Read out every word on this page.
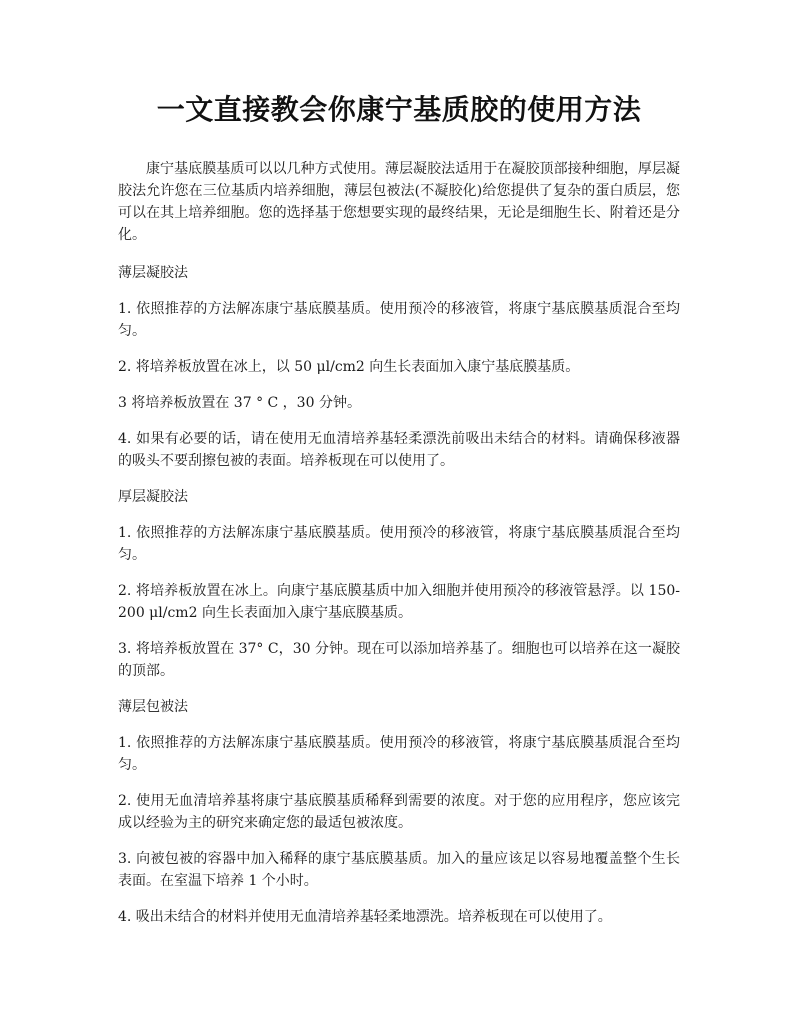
一文直接教会你康宁基质胶的使用方法

康宁基底膜基质可以以几种方式使用。薄层凝胶法适用于在凝胶顶部接种细胞，厚层凝胶法允许您在三位基质内培养细胞，薄层包被法(不凝胶化)给您提供了复杂的蛋白质层，您可以在其上培养细胞。您的选择基于您想要实现的最终结果，无论是细胞生长、附着还是分化。

薄层凝胶法

1. 依照推荐的方法解冻康宁基底膜基质。使用预冷的移液管，将康宁基底膜基质混合至均匀。

2. 将培养板放置在冰上，以 50 μl/cm2 向生长表面加入康宁基底膜基质。

3 将培养板放置在 37 ° C ，30 分钟。

4. 如果有必要的话，请在使用无血清培养基轻柔漂洗前吸出未结合的材料。请确保移液器的吸头不要刮擦包被的表面。培养板现在可以使用了。

厚层凝胶法

1. 依照推荐的方法解冻康宁基底膜基质。使用预冷的移液管，将康宁基底膜基质混合至均匀。

2. 将培养板放置在冰上。向康宁基底膜基质中加入细胞并使用预冷的移液管悬浮。以 150-200 μl/cm2 向生长表面加入康宁基底膜基质。

3. 将培养板放置在 37° C，30 分钟。现在可以添加培养基了。细胞也可以培养在这一凝胶的顶部。

薄层包被法

1. 依照推荐的方法解冻康宁基底膜基质。使用预冷的移液管，将康宁基底膜基质混合至均匀。

2. 使用无血清培养基将康宁基底膜基质稀释到需要的浓度。对于您的应用程序，您应该完成以经验为主的研究来确定您的最适包被浓度。

3. 向被包被的容器中加入稀释的康宁基底膜基质。加入的量应该足以容易地覆盖整个生长表面。在室温下培养 1 个小时。

4. 吸出未结合的材料并使用无血清培养基轻柔地漂洗。培养板现在可以使用了。
